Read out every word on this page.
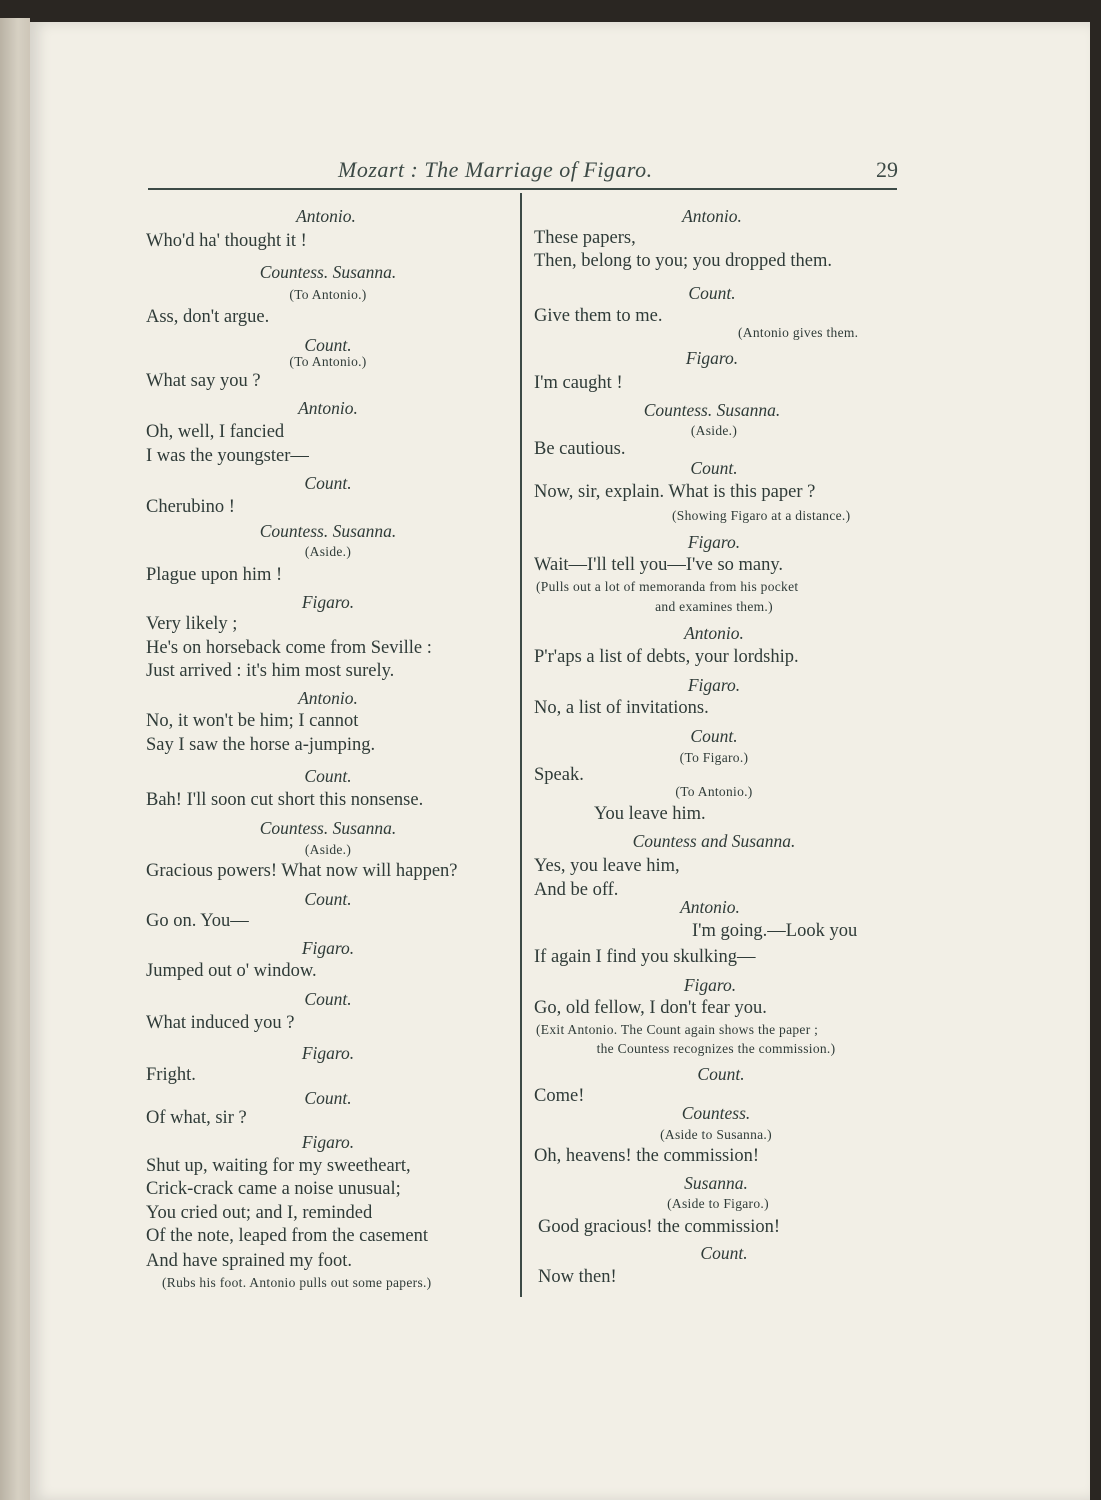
Mozart : The Marriage of Figaro.	29
Antonio.
Who'd ha' thought it !
Countess. Susanna.
(To Antonio.)
Ass, don't argue.
Count.
(To Antonio.)
What say you ?
Antonio.
Oh, well, I fancied
I was the youngster—
Count.
Cherubino !
Countess. Susanna.
(Aside.)
Plague upon him !
Figaro.
Very likely ;
He's on horseback come from Seville :
Just arrived : it's him most surely.
Antonio.
No, it won't be him; I cannot
Say I saw the horse a-jumping.
Count.
Bah! I'll soon cut short this nonsense.
Countess. Susanna.
(Aside.)
Gracious powers! What now will happen?
Count.
Go on. You—
Figaro.
Jumped out o' window.
Count.
What induced you ?
Figaro.
Fright.
Count.
Of what, sir ?
Figaro.
Shut up, waiting for my sweetheart,
Crick-crack came a noise unusual;
You cried out; and I, reminded
Of the note, leaped from the casement
And have sprained my foot.
(Rubs his foot. Antonio pulls out some papers.)
Antonio.
These papers,
Then, belong to you; you dropped them.
Count.
Give them to me.
(Antonio gives them.
Figaro.
I'm caught !
Countess. Susanna.
(Aside.)
Be cautious.
Count.
Now, sir, explain. What is this paper ?
(Showing Figaro at a distance.)
Figaro.
Wait—I'll tell you—I've so many.
(Pulls out a lot of memoranda from his pocket
and examines them.)
Antonio.
P'r'aps a list of debts, your lordship.
Figaro.
No, a list of invitations.
Count.
(To Figaro.)
Speak.
(To Antonio.)
You leave him.
Countess and Susanna.
Yes, you leave him,
And be off.
Antonio.
I'm going.—Look you
If again I find you skulking—
Figaro.
Go, old fellow, I don't fear you.
(Exit Antonio. The Count again shows the paper ;
the Countess recognizes the commission.)
Count.
Come!
Countess.
(Aside to Susanna.)
Oh, heavens! the commission!
Susanna.
(Aside to Figaro.)
Good gracious! the commission!
Count.
Now then!
